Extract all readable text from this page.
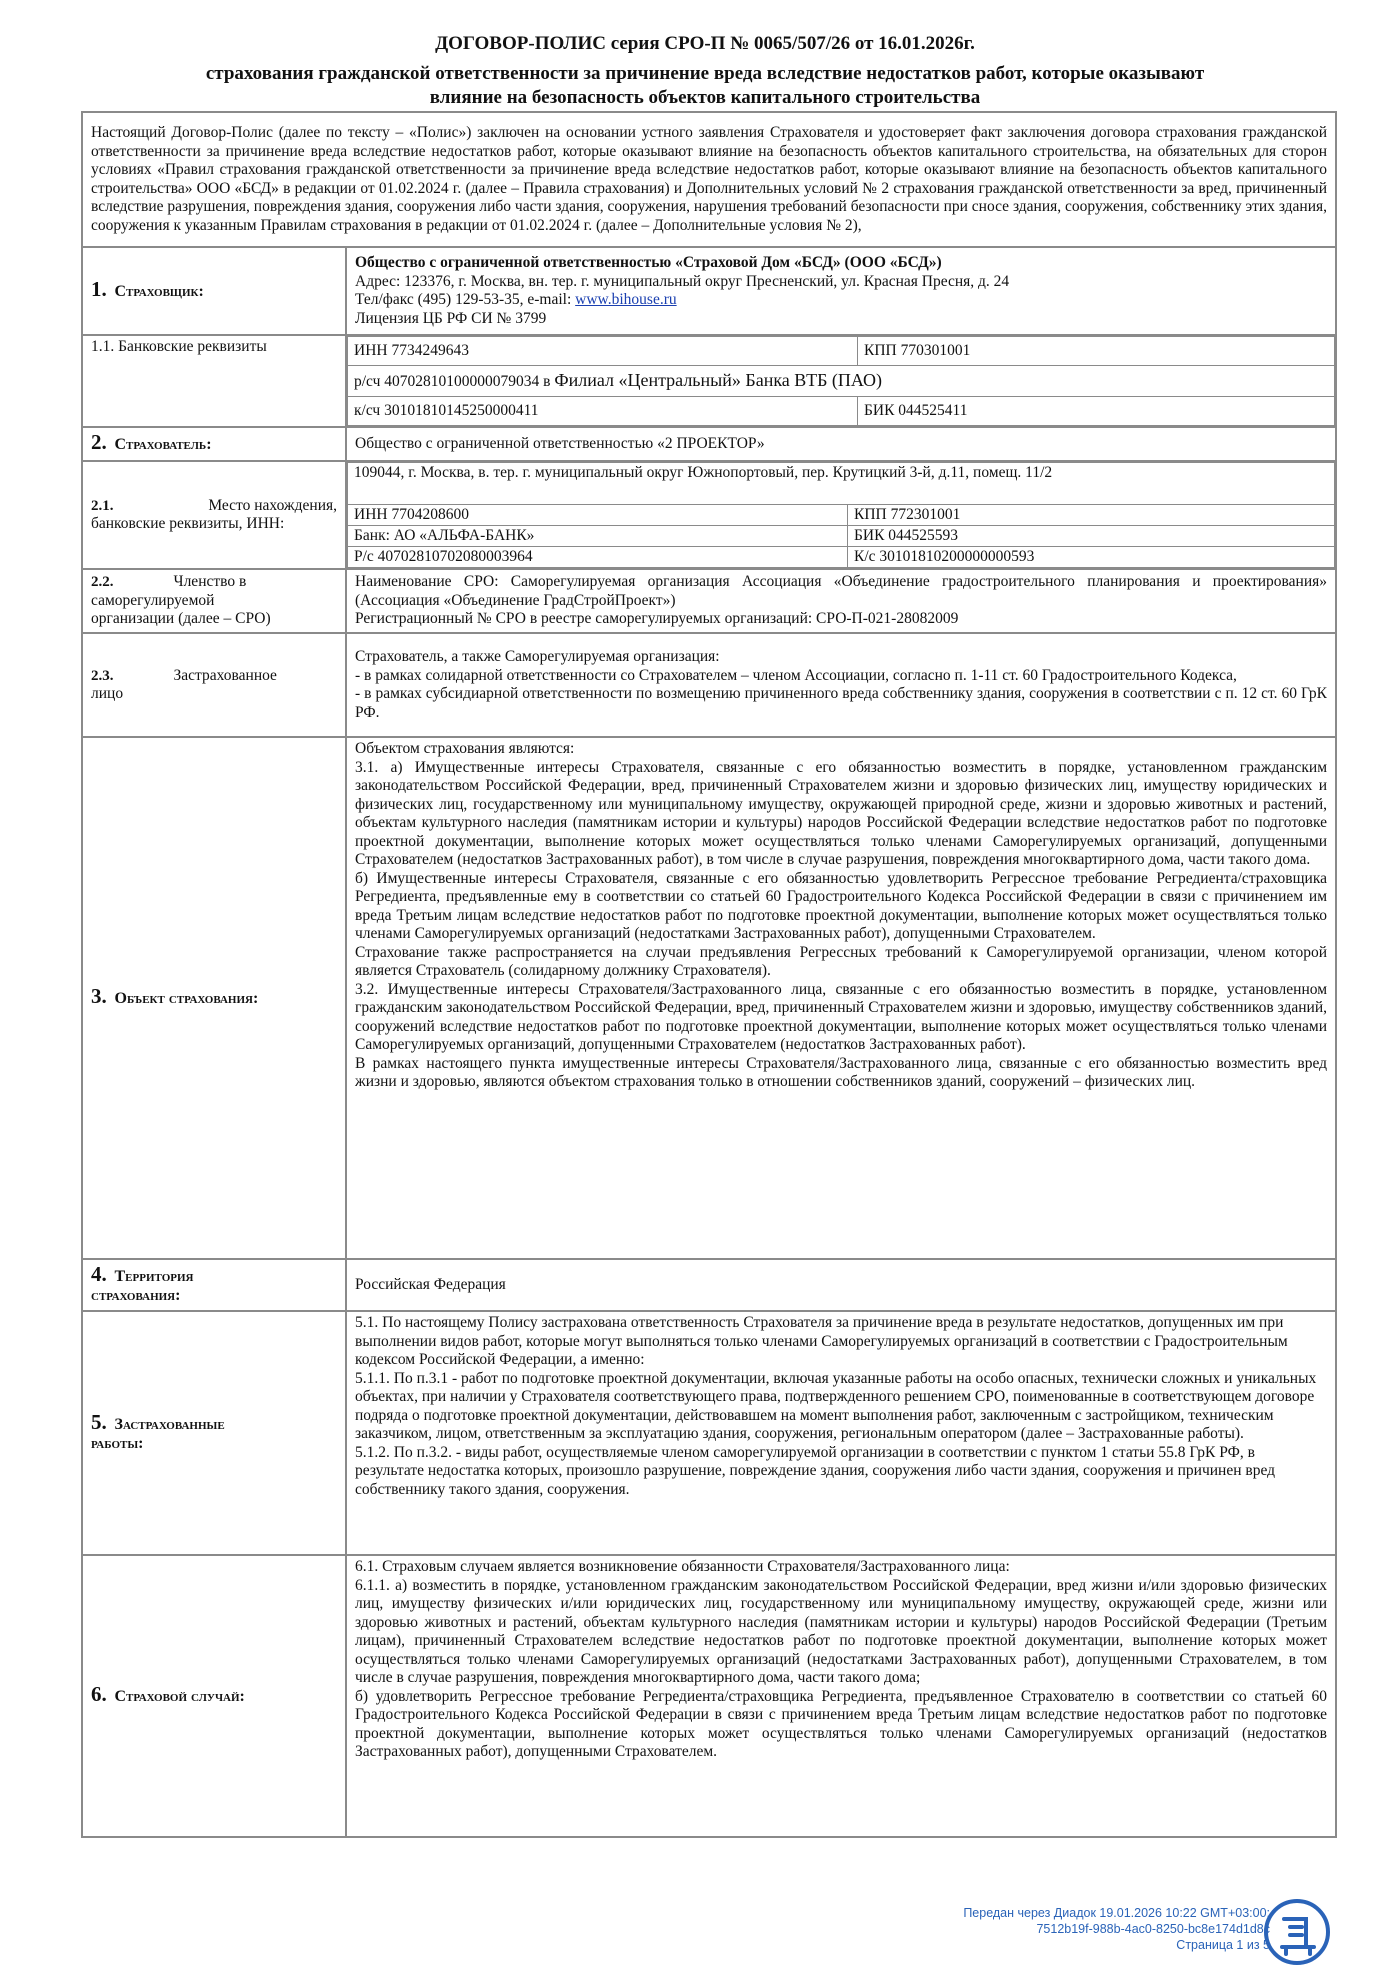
ДОГОВОР-ПОЛИС серия СРО-П № 0065/507/26 от 16.01.2026г.
страхования гражданской ответственности за причинение вреда вследствие недостатков работ, которые оказывают
влияние на безопасность объектов капитального строительства
Настоящий Договор-Полис (далее по тексту – «Полис») заключен на основании устного заявления Страхователя и удостоверяет факт заключения договора страхования гражданской ответственности за причинение вреда вследствие недостатков работ, которые оказывают влияние на безопасность объектов капитального строительства, на обязательных для сторон условиях «Правил страхования гражданской ответственности за причинение вреда вследствие недостатков работ, которые оказывают влияние на безопасность объектов капитального строительства» ООО «БСД» в редакции от 01.02.2024 г. (далее – Правила страхования) и Дополнительных условий № 2 страхования гражданской ответственности за вред, причиненный вследствие разрушения, повреждения здания, сооружения либо части здания, сооружения, нарушения требований безопасности при сносе здания, сооружения, собственнику этих здания, сооружения к указанным Правилам страхования в редакции от 01.02.2024 г. (далее – Дополнительные условия № 2),
1. Страховщик:	
Общество с ограниченной ответственностью «Страховой Дом «БСД» (ООО «БСД»)
Адрес: 123376, г. Москва, вн. тер. г. муниципальный округ Пресненский, ул. Красная Пресня, д. 24
Тел/факс (495) 129-53-35, e-mail: www.bihouse.ru
Лицензия ЦБ РФ СИ № 3799

1.1. Банковские реквизиты		ИНН 7734249643	КПП 770301001
р/сч 40702810100000079034 в Филиал «Центральный» Банка ВТБ (ПАО)
к/сч 30101810145250000411	БИК 044525411

2. Страхователь:	Общество с ограниченной ответственностью «2 ПРОЕКТОР»

2.1.	Место нахождения,
банковские реквизиты, ИНН:

109044, г. Москва, в. тер. г. муниципальный округ Южнопортовый, пер. Крутицкий 3-й, д.11, помещ. 11/2
ИНН 7704208600	КПП 772301001
Банк: АО «АЛЬФА-БАНК»	БИК 044525593
Р/с 40702810702080003964	К/с 30101810200000000593

2.2.	Членство в
саморегулируемой
организации (далее – СРО)

Наименование СРО: Саморегулируемая организация Ассоциация «Объединение градостроительного планирования и проектирования» (Ассоциация «Объединение ГрадСтройПроект»)
Регистрационный № СРО в реестре саморегулируемых организаций: СРО-П-021-28082009

2.3.	Застрахованное
лицо

Страхователь, а также Саморегулируемая организация:

- в рамках солидарной ответственности со Страхователем – членом Ассоциации, согласно п. 1-11 ст. 60 Градостроительного Кодекса,

- в рамках субсидиарной ответственности по возмещению причиненного вреда собственнику здания, сооружения в соответствии с п. 12 ст. 60 ГрК РФ.

3. Объект страхования:	

Объектом страхования являются:

3.1. а) Имущественные интересы Страхователя, связанные с его обязанностью возместить в порядке, установленном гражданским законодательством Российской Федерации, вред, причиненный Страхователем жизни и здоровью физических лиц, имуществу юридических и физических лиц, государственному или муниципальному имуществу, окружающей природной среде, жизни и здоровью животных и растений, объектам культурного наследия (памятникам истории и культуры) народов Российской Федерации вследствие недостатков работ по подготовке проектной документации, выполнение которых может осуществляться только членами Саморегулируемых организаций, допущенными Страхователем (недостатков Застрахованных работ), в том числе в случае разрушения, повреждения многоквартирного дома, части такого дома.

б) Имущественные интересы Страхователя, связанные с его обязанностью удовлетворить Регрессное требование Регредиента/страховщика Регредиента, предъявленные ему в соответствии со статьей 60 Градостроительного Кодекса Российской Федерации в связи с причинением им вреда Третьим лицам вследствие недостатков работ по подготовке проектной документации, выполнение которых может осуществляться только членами Саморегулируемых организаций (недостатками Застрахованных работ), допущенными Страхователем.

Страхование также распространяется на случаи предъявления Регрессных требований к Саморегулируемой организации, членом которой является Страхователь (солидарному должнику Страхователя).

3.2. Имущественные интересы Страхователя/Застрахованного лица, связанные с его обязанностью возместить в порядке, установленном гражданским законодательством Российской Федерации, вред, причиненный Страхователем жизни и здоровью, имуществу собственников зданий, сооружений вследствие недостатков работ по подготовке проектной документации, выполнение которых может осуществляться только членами Саморегулируемых организаций, допущенными Страхователем (недостатков Застрахованных работ).

В рамках настоящего пункта имущественные интересы Страхователя/Застрахованного лица, связанные с его обязанностью возместить вред жизни и здоровью, являются объектом страхования только в отношении собственников зданий, сооружений – физических лиц.

4. Территория
страхования:
	Российская Федерация

5. Застрахованные
работы:

5.1. По настоящему Полису застрахована ответственность Страхователя за причинение вреда в результате недостатков, допущенных им при выполнении видов работ, которые могут выполняться только членами Саморегулируемых организаций в соответствии с Градостроительным кодексом Российской Федерации, а именно:

5.1.1. По п.3.1 - работ по подготовке проектной документации, включая указанные работы на особо опасных, технически сложных и уникальных объектах, при наличии у Страхователя соответствующего права, подтвержденного решением СРО, поименованные в соответствующем договоре подряда о подготовке проектной документации, действовавшем на момент выполнения работ, заключенным с застройщиком, техническим заказчиком, лицом, ответственным за эксплуатацию здания, сооружения, региональным оператором (далее – Застрахованные работы).

5.1.2. По п.3.2. - виды работ, осуществляемые членом саморегулируемой организации в соответствии с пунктом 1 статьи 55.8 ГрК РФ, в результате недостатка которых, произошло разрушение, повреждение здания, сооружения либо части здания, сооружения и причинен вред собственнику такого здания, сооружения.

6. Страховой случай:	

6.1. Страховым случаем является возникновение обязанности Страхователя/Застрахованного лица:

6.1.1. а) возместить в порядке, установленном гражданским законодательством Российской Федерации, вред жизни и/или здоровью физических лиц, имуществу физических и/или юридических лиц, государственному или муниципальному имуществу, окружающей среде, жизни или здоровью животных и растений, объектам культурного наследия (памятникам истории и культуры) народов Российской Федерации (Третьим лицам), причиненный Страхователем вследствие недостатков работ по подготовке проектной документации, выполнение которых может осуществляться только членами Саморегулируемых организаций (недостатками Застрахованных работ), допущенными Страхователем, в том числе в случае разрушения, повреждения многоквартирного дома, части такого дома;

б) удовлетворить Регрессное требование Регредиента/страховщика Регредиента, предъявленное Страхователю в соответствии со статьей 60 Градостроительного Кодекса Российской Федерации в связи с причинением вреда Третьим лицам вследствие недостатков работ по подготовке проектной документации, выполнение которых может осуществляться только членами Саморегулируемых организаций (недостатков Застрахованных работ), допущенными Страхователем.

Передан через Диадок 19.01.2026 10:22 GMT+03:00;
7512b19f-988b-4ac0-8250-bc8e174d1d8c
Страница 1 из 5
